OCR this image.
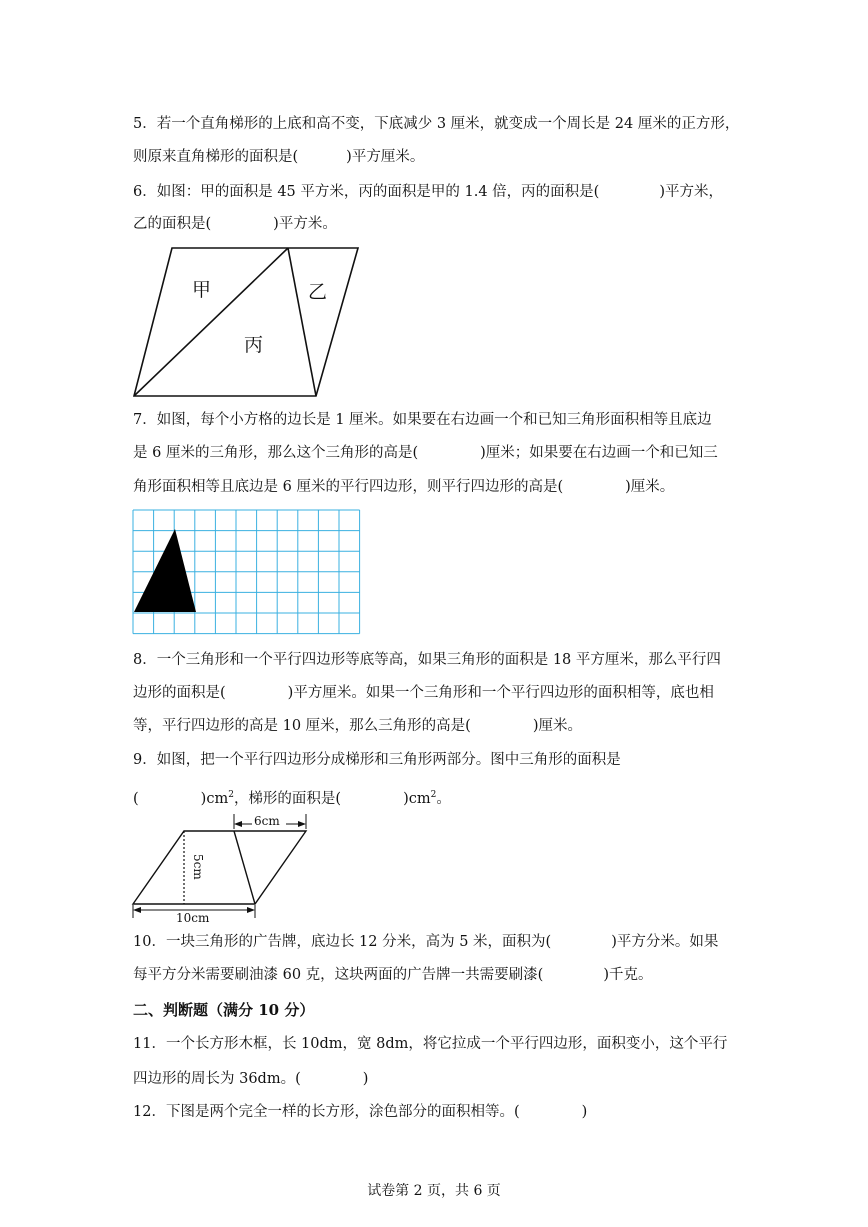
5．若一个直角梯形的上底和高不变，下底减少 3 厘米，就变成一个周长是 24 厘米的正方形，
则原来直角梯形的面积是(	)平方厘米。
6．如图：甲的面积是 45 平方米，丙的面积是甲的 1.4 倍，丙的面积是(	)平方米，
乙的面积是(	)平方米。
甲	乙
丙
7．如图，每个小方格的边长是 1 厘米。如果要在右边画一个和已知三角形面积相等且底边
是 6 厘米的三角形，那么这个三角形的高是(	)厘米；如果要在右边画一个和已知三
角形面积相等且底边是 6 厘米的平行四边形，则平行四边形的高是(	)厘米。
8．一个三角形和一个平行四边形等底等高，如果三角形的面积是 18 平方厘米，那么平行四
边形的面积是(	)平方厘米。如果一个三角形和一个平行四边形的面积相等，底也相
等，平行四边形的高是 10 厘米，那么三角形的高是(	)厘米。
9．如图，把一个平行四边形分成梯形和三角形两部分。图中三角形的面积是
(	)$cm^2$，梯形的面积是(	)$cm^2$。
6cm
5cm
10cm
10．一块三角形的广告牌，底边长 12 分米，高为 5 米，面积为(	)平方分米。如果
每平方分米需要刷油漆 60 克，这块两面的广告牌一共需要刷漆(	)千克。
二、判断题（满分 10 分）
11．一个长方形木框，长 10dm，宽 8dm，将它拉成一个平行四边形，面积变小，这个平行
四边形的周长为 36dm。(	)
12．下图是两个完全一样的长方形，涂色部分的面积相等。(	)
试卷第 2 页，共 6 页
